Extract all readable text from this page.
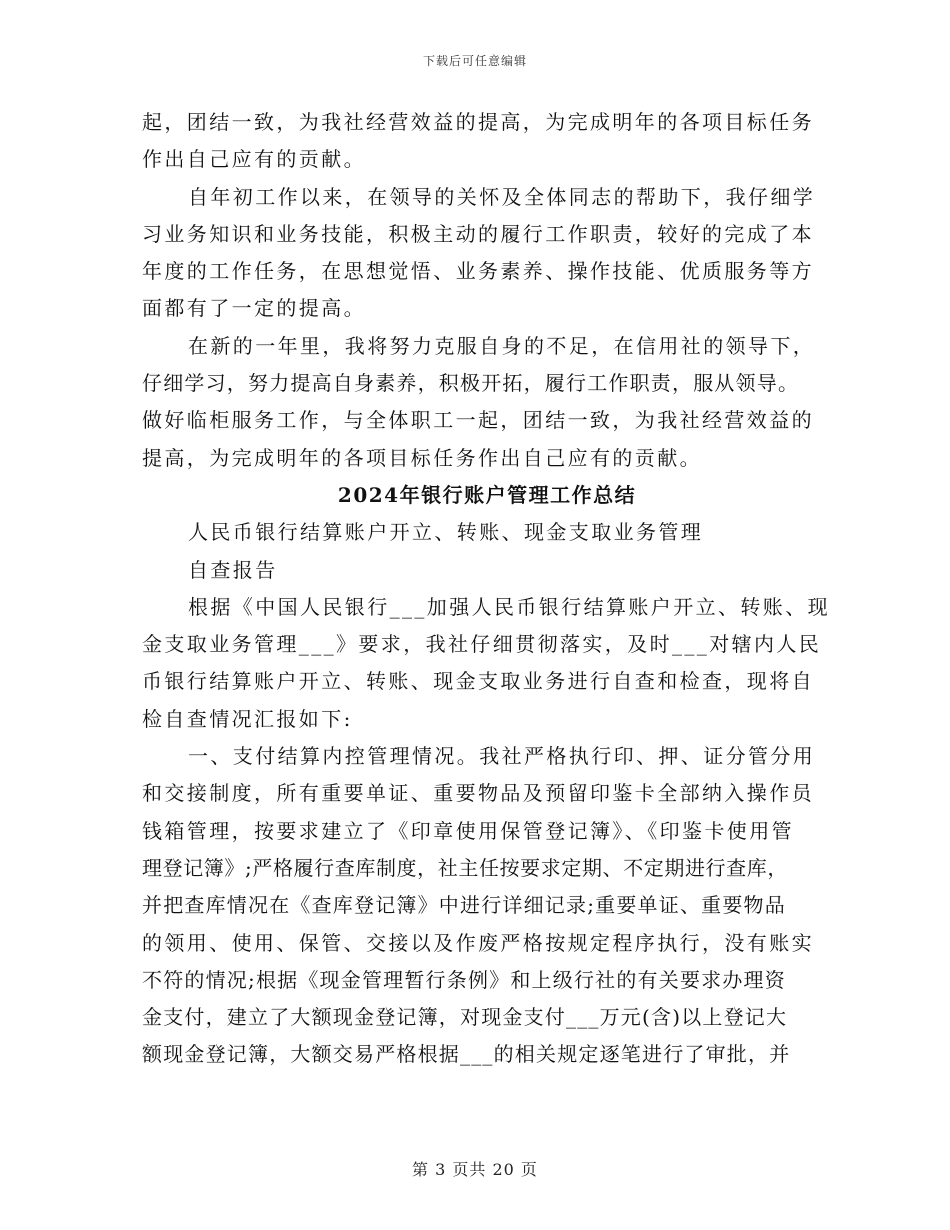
下载后可任意编辑
起，团结一致，为我社经营效益的提高，为完成明年的各项目标任务
作出自己应有的贡献。
自年初工作以来，在领导的关怀及全体同志的帮助下，我仔细学
习业务知识和业务技能，积极主动的履行工作职责，较好的完成了本
年度的工作任务，在思想觉悟、业务素养、操作技能、优质服务等方
面都有了一定的提高。
在新的一年里，我将努力克服自身的不足，在信用社的领导下，
仔细学习，努力提高自身素养，积极开拓，履行工作职责，服从领导。
做好临柜服务工作，与全体职工一起，团结一致，为我社经营效益的
提高，为完成明年的各项目标任务作出自己应有的贡献。
2024年银行账户管理工作总结
人民币银行结算账户开立、转账、现金支取业务管理
自查报告
根据《中国人民银行___加强人民币银行结算账户开立、转账、现
金支取业务管理___》要求，我社仔细贯彻落实，及时___对辖内人民
币银行结算账户开立、转账、现金支取业务进行自查和检查，现将自
检自查情况汇报如下:
一、支付结算内控管理情况。我社严格执行印、押、证分管分用
和交接制度，所有重要单证、重要物品及预留印鉴卡全部纳入操作员
钱箱管理，按要求建立了《印章使用保管登记簿》、《印鉴卡使用管
理登记簿》;严格履行查库制度，社主任按要求定期、不定期进行查库，
并把查库情况在《查库登记簿》中进行详细记录;重要单证、重要物品
的领用、使用、保管、交接以及作废严格按规定程序执行，没有账实
不符的情况;根据《现金管理暂行条例》和上级行社的有关要求办理资
金支付，建立了大额现金登记簿，对现金支付___万元(含)以上登记大
额现金登记簿，大额交易严格根据___的相关规定逐笔进行了审批，并
第 3 页共 20 页
